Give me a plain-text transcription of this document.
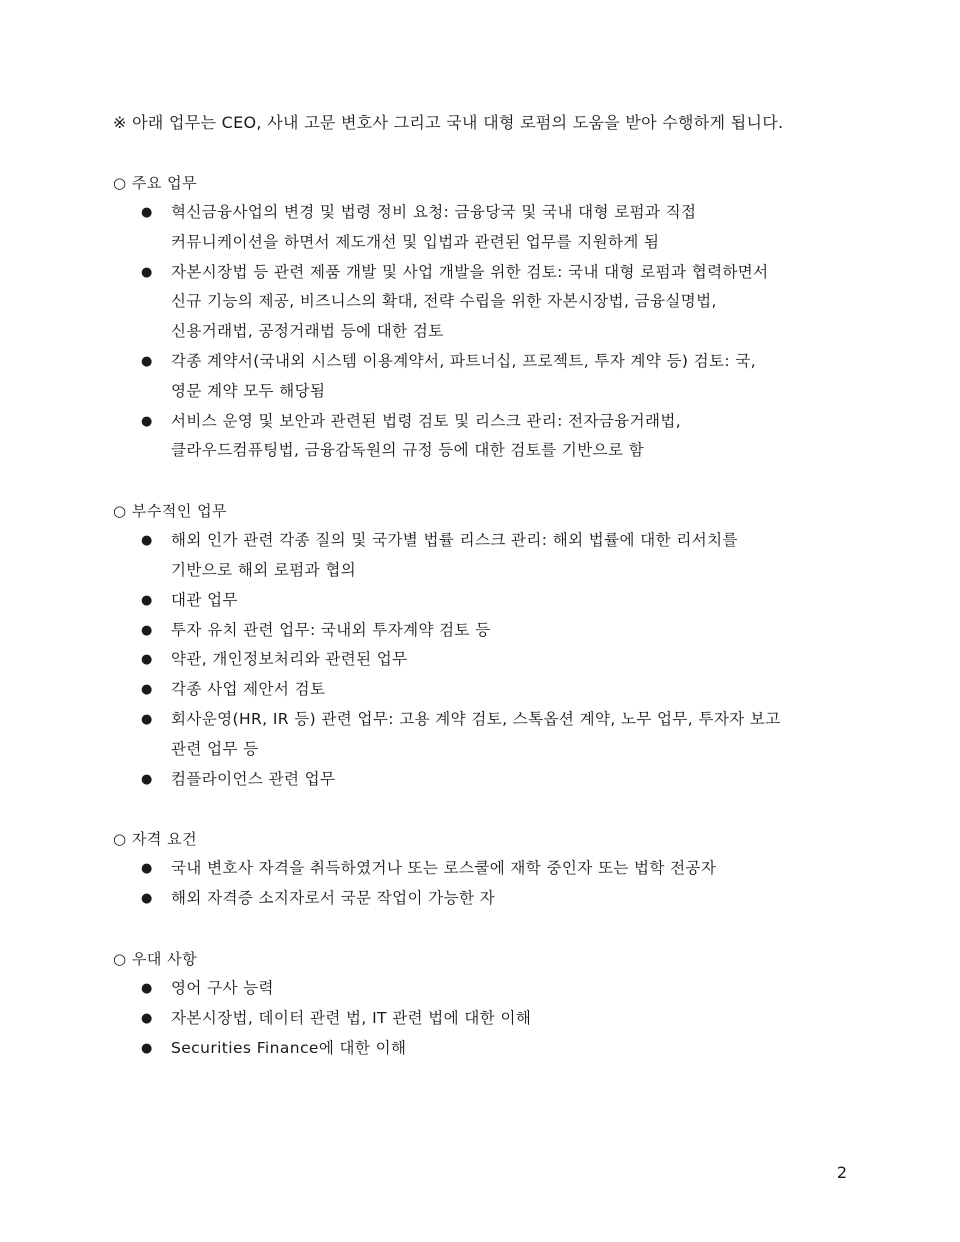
※ 아래 업무는 CEO, 사내 고문 변호사 그리고 국내 대형 로펌의 도움을 받아 수행하게 됩니다.
○ 주요 업무
● 혁신금융사업의 변경 및 법령 정비 요청: 금융당국 및 국내 대형 로펌과 직접
커뮤니케이션을 하면서 제도개선 및 입법과 관련된 업무를 지원하게 됨
● 자본시장법 등 관련 제품 개발 및 사업 개발을 위한 검토: 국내 대형 로펌과 협력하면서
신규 기능의 제공, 비즈니스의 확대, 전략 수립을 위한 자본시장법, 금융실명법,
신용거래법, 공정거래법 등에 대한 검토
● 각종 계약서(국내외 시스템 이용계약서, 파트너십, 프로젝트, 투자 계약 등) 검토: 국,
영문 계약 모두 해당됨
● 서비스 운영 및 보안과 관련된 법령 검토 및 리스크 관리: 전자금융거래법,
클라우드컴퓨팅법, 금융감독원의 규정 등에 대한 검토를 기반으로 함
○ 부수적인 업무
● 해외 인가 관련 각종 질의 및 국가별 법률 리스크 관리: 해외 법률에 대한 리서치를
기반으로 해외 로펌과 협의
● 대관 업무
● 투자 유치 관련 업무: 국내외 투자계약 검토 등
● 약관, 개인정보처리와 관련된 업무
● 각종 사업 제안서 검토
● 회사운영(HR, IR 등) 관련 업무: 고용 계약 검토, 스톡옵션 계약, 노무 업무, 투자자 보고
관련 업무 등
● 컴플라이언스 관련 업무
○ 자격 요건
● 국내 변호사 자격을 취득하였거나 또는 로스쿨에 재학 중인자 또는 법학 전공자
● 해외 자격증 소지자로서 국문 작업이 가능한 자
○ 우대 사항
● 영어 구사 능력
● 자본시장법, 데이터 관련 법, IT 관련 법에 대한 이해
● Securities Finance에 대한 이해
2
